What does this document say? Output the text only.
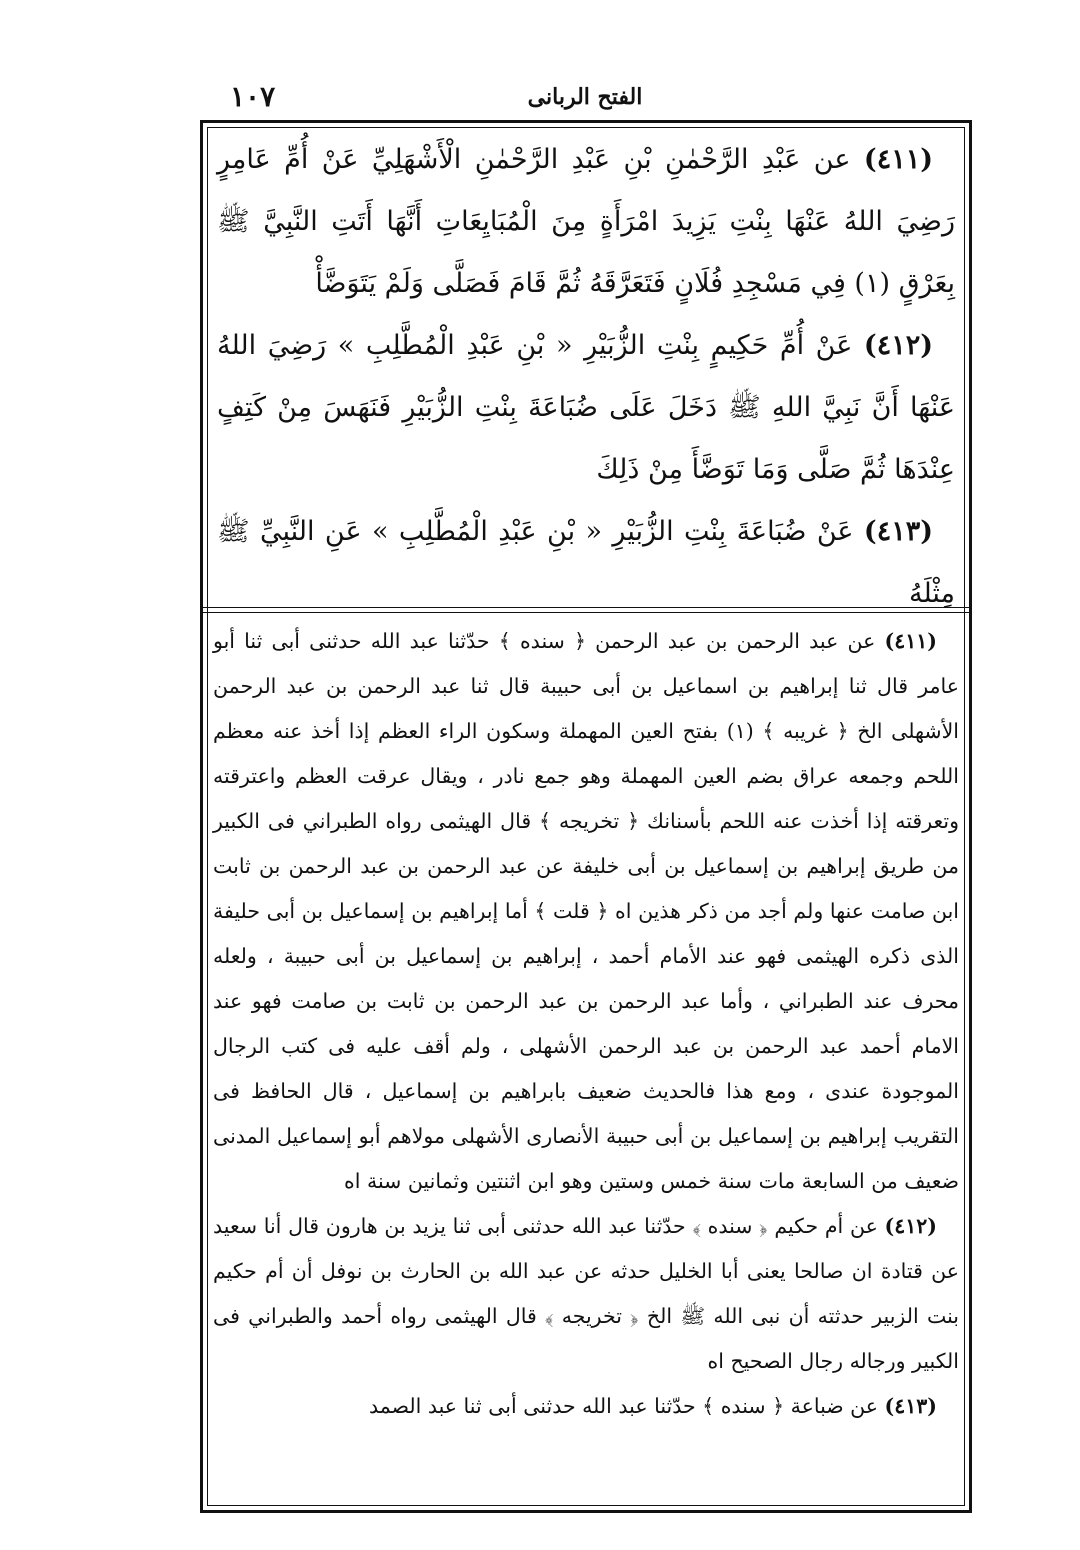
١٠٧	الفتح الربانى

(٤١١) عن عَبْدِ الرَّحْمٰنِ بْنِ عَبْدِ الرَّحْمٰنِ الْأَشْهَلِيِّ عَنْ أُمِّ عَامِرٍ رَضِيَ اللهُ عَنْهَا بِنْتِ يَزِيدَ امْرَأَةٍ مِنَ الْمُبَايِعَاتِ أَنَّهَا أَتَتِ النَّبِيَّ ﷺ بِعَرْقٍ (١) فِي مَسْجِدِ فُلَانٍ فَتَعَرَّقَهُ ثُمَّ قَامَ فَصَلَّى وَلَمْ يَتَوَضَّأْ

(٤١٢) عَنْ أُمِّ حَكِيمٍ بِنْتِ الزُّبَيْرِ « بْنِ عَبْدِ الْمُطَّلِبِ » رَضِيَ اللهُ عَنْهَا أَنَّ نَبِيَّ اللهِ ﷺ دَخَلَ عَلَى ضُبَاعَةَ بِنْتِ الزُّبَيْرِ فَنَهَسَ مِنْ كَتِفٍ عِنْدَهَا ثُمَّ صَلَّى وَمَا تَوَضَّأَ مِنْ ذَلِكَ

(٤١٣) عَنْ ضُبَاعَةَ بِنْتِ الزُّبَيْرِ « بْنِ عَبْدِ الْمُطَّلِبِ » عَنِ النَّبِيِّ ﷺ مِثْلَهُ

(٤١١) عن عبد الرحمن بن عبد الرحمن ﴿ سنده ﴾ حدّثنا عبد الله حدثنى أبى ثنا أبو عامر قال ثنا إبراهيم بن اسماعيل بن أبى حبيبة قال ثنا عبد الرحمن بن عبد الرحمن الأشهلى الخ ﴿ غريبه ﴾ (١) بفتح العين المهملة وسكون الراء العظم إذا أخذ عنه معظم اللحم وجمعه عراق بضم العين المهملة وهو جمع نادر ، ويقال عرقت العظم واعترقته وتعرقته إذا أخذت عنه اللحم بأسنانك ﴿ تخريجه ﴾ قال الهيثمى رواه الطبراني فى الكبير من طريق إبراهيم بن إسماعيل بن أبى خليفة عن عبد الرحمن بن عبد الرحمن بن ثابت ابن صامت عنها ولم أجد من ذكر هذين اه ﴿ قلت ﴾ أما إبراهيم بن إسماعيل بن أبى حليفة الذى ذكره الهيثمى فهو عند الأمام أحمد ، إبراهيم بن إسماعيل بن أبى حبيبة ، ولعله محرف عند الطبراني ، وأما عبد الرحمن بن عبد الرحمن بن ثابت بن صامت فهو عند الامام أحمد عبد الرحمن بن عبد الرحمن الأشهلى ، ولم أقف عليه فى كتب الرجال الموجودة عندى ، ومع هذا فالحديث ضعيف بابراهيم بن إسماعيل ، قال الحافظ فى التقريب إبراهيم بن إسماعيل بن أبى حبيبة الأنصارى الأشهلى مولاهم أبو إسماعيل المدنى ضعيف من السابعة مات سنة خمس وستين وهو ابن اثنتين وثمانين سنة اه

(٤١٢) عن أم حكيم ﴿ سنده ﴾ حدّثنا عبد الله حدثنى أبى ثنا يزيد بن هارون قال أنا سعيد عن قتادة ان صالحا يعنى أبا الخليل حدثه عن عبد الله بن الحارث بن نوفل أن أم حكيم بنت الزبير حدثته أن نبى الله ﷺ الخ ﴿ تخريجه ﴾ قال الهيثمى رواه أحمد والطبراني فى الكبير ورجاله رجال الصحيح اه

(٤١٣) عن ضباعة ﴿ سنده ﴾ حدّثنا عبد الله حدثنى أبى ثنا عبد الصمد
